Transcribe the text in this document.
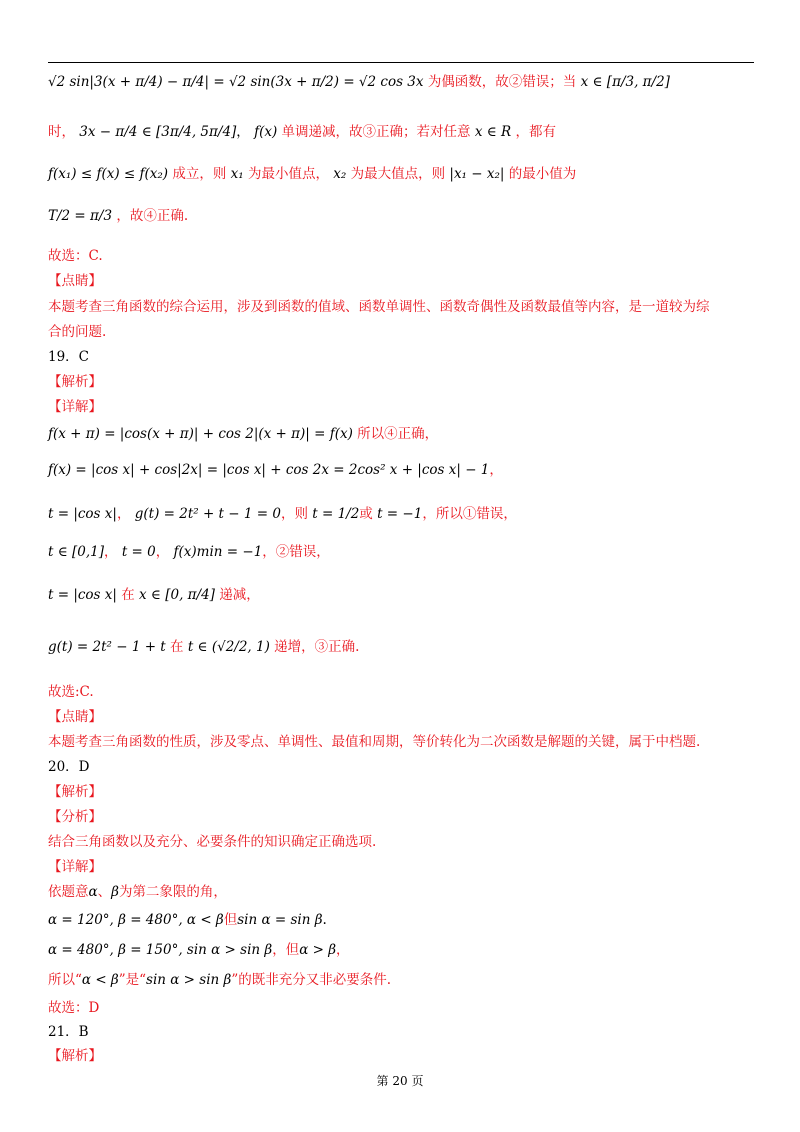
√2 sin|3(x + π/4) − π/4| = √2 sin(3x + π/2) = √2 cos 3x 为偶函数，故②错误；当 x ∈ [π/3, π/2]
时， 3x − π/4 ∈ [3π/4, 5π/4]， f(x) 单调递减，故③正确；若对任意 x ∈ R ，都有
f(x₁) ≤ f(x) ≤ f(x₂) 成立，则 x₁ 为最小值点， x₂ 为最大值点，则 |x₁ − x₂| 的最小值为
T/2 = π/3 ，故④正确.
故选：C.
【点睛】
本题考查三角函数的综合运用，涉及到函数的值域、函数单调性、函数奇偶性及函数最值等内容，是一道较为综
合的问题.
19．C
【解析】
【详解】
f(x + π) = |cos(x + π)| + cos 2|(x + π)| = f(x) 所以④正确，
f(x) = |cos x| + cos|2x| = |cos x| + cos 2x = 2cos² x + |cos x| − 1，
t = |cos x|， g(t) = 2t² + t − 1 = 0，则 t = 1/2或 t = −1，所以①错误，
t ∈ [0,1]， t = 0， f(x)min = −1，②错误，
t = |cos x| 在 x ∈ [0, π/4] 递减，
g(t) = 2t² − 1 + t 在 t ∈ (√2/2, 1) 递增，③正确.
故选:C.
【点睛】
本题考查三角函数的性质，涉及零点、单调性、最值和周期，等价转化为二次函数是解题的关键，属于中档题.
20．D
【解析】
【分析】
结合三角函数以及充分、必要条件的知识确定正确选项.
【详解】
依题意α、β为第二象限的角，
α = 120°, β = 480°, α < β但sin α = sin β.
α = 480°, β = 150°, sin α > sin β，但α > β，
所以“α < β”是“sin α > sin β”的既非充分又非必要条件.
故选：D
21．B
【解析】
第 20 页
